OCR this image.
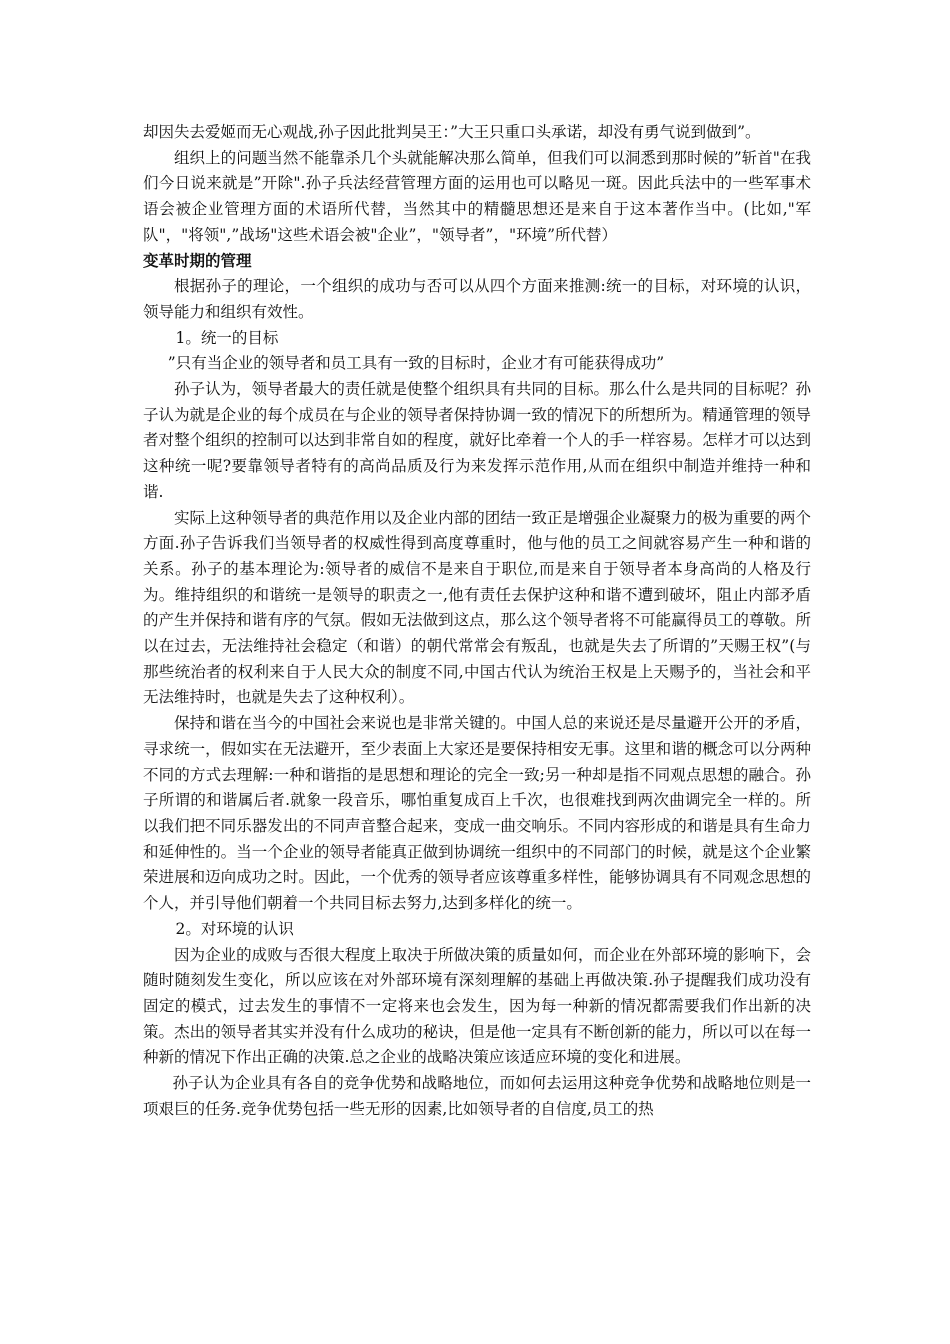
却因失去爱姬而无心观战,孙子因此批判吴王：”大王只重口头承诺，却没有勇气说到做到”。

组织上的问题当然不能靠杀几个头就能解决那么简单，但我们可以洞悉到那时候的”斩首"在我们今日说来就是”开除".孙子兵法经营管理方面的运用也可以略见一斑。因此兵法中的一些军事术语会被企业管理方面的术语所代替，当然其中的精髓思想还是来自于这本著作当中。(比如,"军队"，"将领",”战场"这些术语会被"企业”，"领导者”，"环境”所代替）

变革时期的管理

根据孙子的理论，一个组织的成功与否可以从四个方面来推测:统一的目标，对环境的认识，领导能力和组织有效性。

1。统一的目标

”只有当企业的领导者和员工具有一致的目标时，企业才有可能获得成功”

孙子认为，领导者最大的责任就是使整个组织具有共同的目标。那么什么是共同的目标呢？孙子认为就是企业的每个成员在与企业的领导者保持协调一致的情况下的所想所为。精通管理的领导者对整个组织的控制可以达到非常自如的程度，就好比牵着一个人的手一样容易。怎样才可以达到这种统一呢?要靠领导者特有的高尚品质及行为来发挥示范作用,从而在组织中制造并维持一种和谐.

实际上这种领导者的典范作用以及企业内部的团结一致正是增强企业凝聚力的极为重要的两个方面.孙子告诉我们当领导者的权威性得到高度尊重时，他与他的员工之间就容易产生一种和谐的关系。孙子的基本理论为:领导者的威信不是来自于职位,而是来自于领导者本身高尚的人格及行为。维持组织的和谐统一是领导的职责之一,他有责任去保护这种和谐不遭到破坏，阻止内部矛盾的产生并保持和谐有序的气氛。假如无法做到这点，那么这个领导者将不可能赢得员工的尊敬。所以在过去，无法维持社会稳定（和谐）的朝代常常会有叛乱，也就是失去了所谓的”天赐王权”(与那些统治者的权利来自于人民大众的制度不同,中国古代认为统治王权是上天赐予的，当社会和平无法维持时，也就是失去了这种权利）。

保持和谐在当今的中国社会来说也是非常关键的。中国人总的来说还是尽量避开公开的矛盾，寻求统一，假如实在无法避开，至少表面上大家还是要保持相安无事。这里和谐的概念可以分两种不同的方式去理解:一种和谐指的是思想和理论的完全一致;另一种却是指不同观点思想的融合。孙子所谓的和谐属后者.就象一段音乐，哪怕重复成百上千次，也很难找到两次曲调完全一样的。所以我们把不同乐器发出的不同声音整合起来，变成一曲交响乐。不同内容形成的和谐是具有生命力和延伸性的。当一个企业的领导者能真正做到协调统一组织中的不同部门的时候，就是这个企业繁荣进展和迈向成功之时。因此，一个优秀的领导者应该尊重多样性，能够协调具有不同观念思想的个人，并引导他们朝着一个共同目标去努力,达到多样化的统一。

2。对环境的认识

因为企业的成败与否很大程度上取决于所做决策的质量如何，而企业在外部环境的影响下，会随时随刻发生变化，所以应该在对外部环境有深刻理解的基础上再做决策.孙子提醒我们成功没有固定的模式，过去发生的事情不一定将来也会发生，因为每一种新的情况都需要我们作出新的决策。杰出的领导者其实并没有什么成功的秘诀，但是他一定具有不断创新的能力，所以可以在每一种新的情况下作出正确的决策.总之企业的战略决策应该适应环境的变化和进展。

孙子认为企业具有各自的竞争优势和战略地位，而如何去运用这种竞争优势和战略地位则是一项艰巨的任务.竞争优势包括一些无形的因素,比如领导者的自信度,员工的热
